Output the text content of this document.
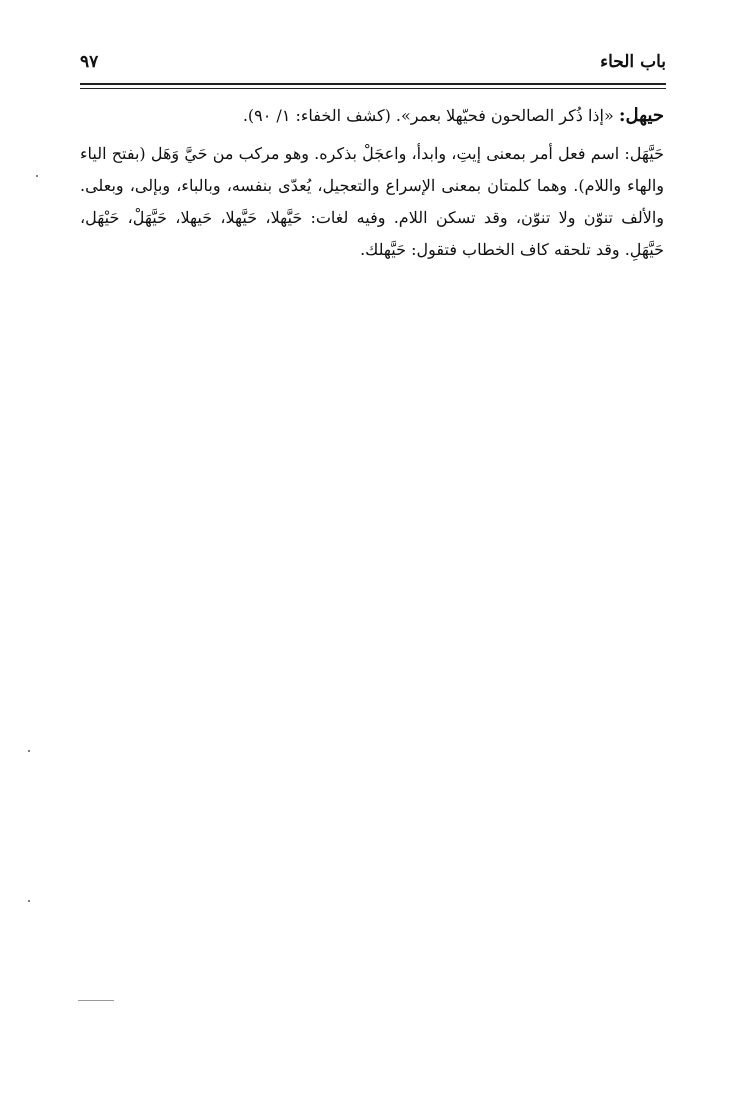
باب الحاء
٩٧

حيهل: «إذا ذُكر الصالحون فحيّهلا بعمر». (كشف الخفاء: ١/ ٩٠).

حَيَّهَل: اسم فعل أمر بمعنى إيتِ، وابدأ، واعجَلْ بذكره. وهو مركب من حَيَّ وَهَل (بفتح الياء والهاء واللام). وهما كلمتان بمعنى الإسراع والتعجيل، يُعدّى بنفسه، وبالباء، وبإلى، وبعلى. والألف تنوّن ولا تنوّن، وقد تسكن اللام. وفيه لغات: حَيَّهلا، حَيَّهلا، حَيهلا، حَيَّهَلْ، حَيْهَل، حَيَّهَلِ. وقد تلحقه كاف الخطاب فتقول: حَيَّهلك.
